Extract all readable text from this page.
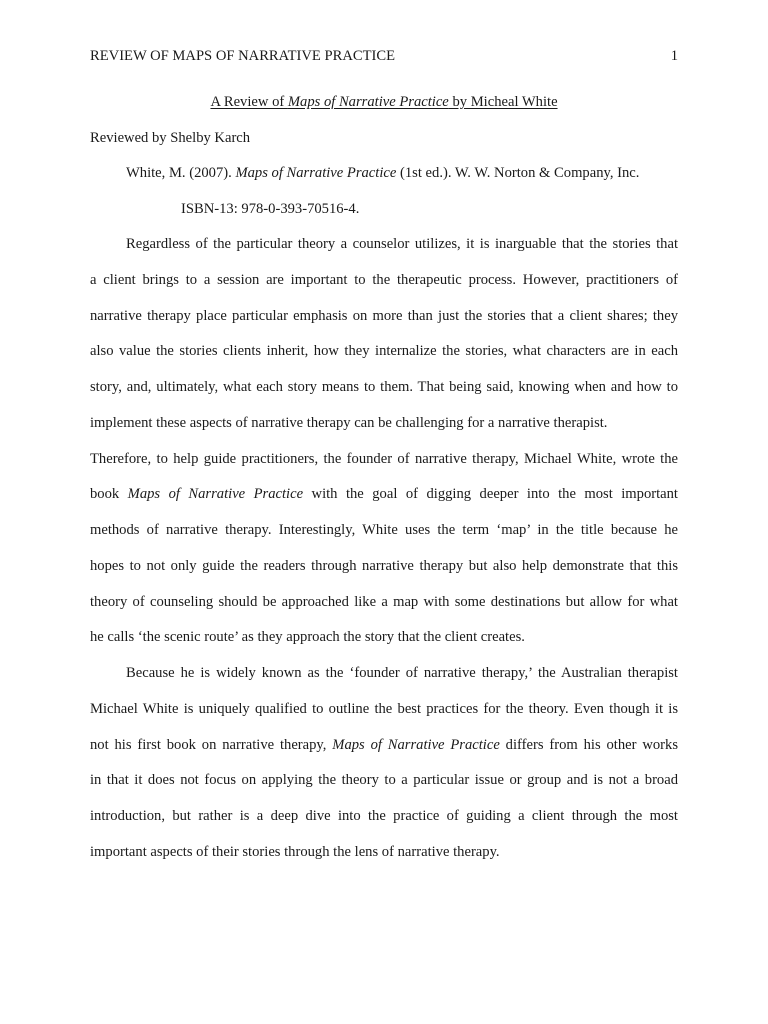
REVIEW OF MAPS OF NARRATIVE PRACTICE	1
A Review of Maps of Narrative Practice by Micheal White
Reviewed by Shelby Karch
White, M. (2007). Maps of Narrative Practice (1st ed.). W. W. Norton & Company, Inc.
ISBN-13: 978-0-393-70516-4.
Regardless of the particular theory a counselor utilizes, it is inarguable that the stories that
a client brings to a session are important to the therapeutic process. However, practitioners of
narrative therapy place particular emphasis on more than just the stories that a client shares; they
also value the stories clients inherit, how they internalize the stories, what characters are in each
story, and, ultimately, what each story means to them. That being said, knowing when and how to
implement these aspects of narrative therapy can be challenging for a narrative therapist.
Therefore, to help guide practitioners, the founder of narrative therapy, Michael White, wrote the
book Maps of Narrative Practice with the goal of digging deeper into the most important
methods of narrative therapy. Interestingly, White uses the term ‘map’ in the title because he
hopes to not only guide the readers through narrative therapy but also help demonstrate that this
theory of counseling should be approached like a map with some destinations but allow for what
he calls ‘the scenic route’ as they approach the story that the client creates.
Because he is widely known as the ‘founder of narrative therapy,’ the Australian therapist
Michael White is uniquely qualified to outline the best practices for the theory. Even though it is
not his first book on narrative therapy, Maps of Narrative Practice differs from his other works
in that it does not focus on applying the theory to a particular issue or group and is not a broad
introduction, but rather is a deep dive into the practice of guiding a client through the most
important aspects of their stories through the lens of narrative therapy.
